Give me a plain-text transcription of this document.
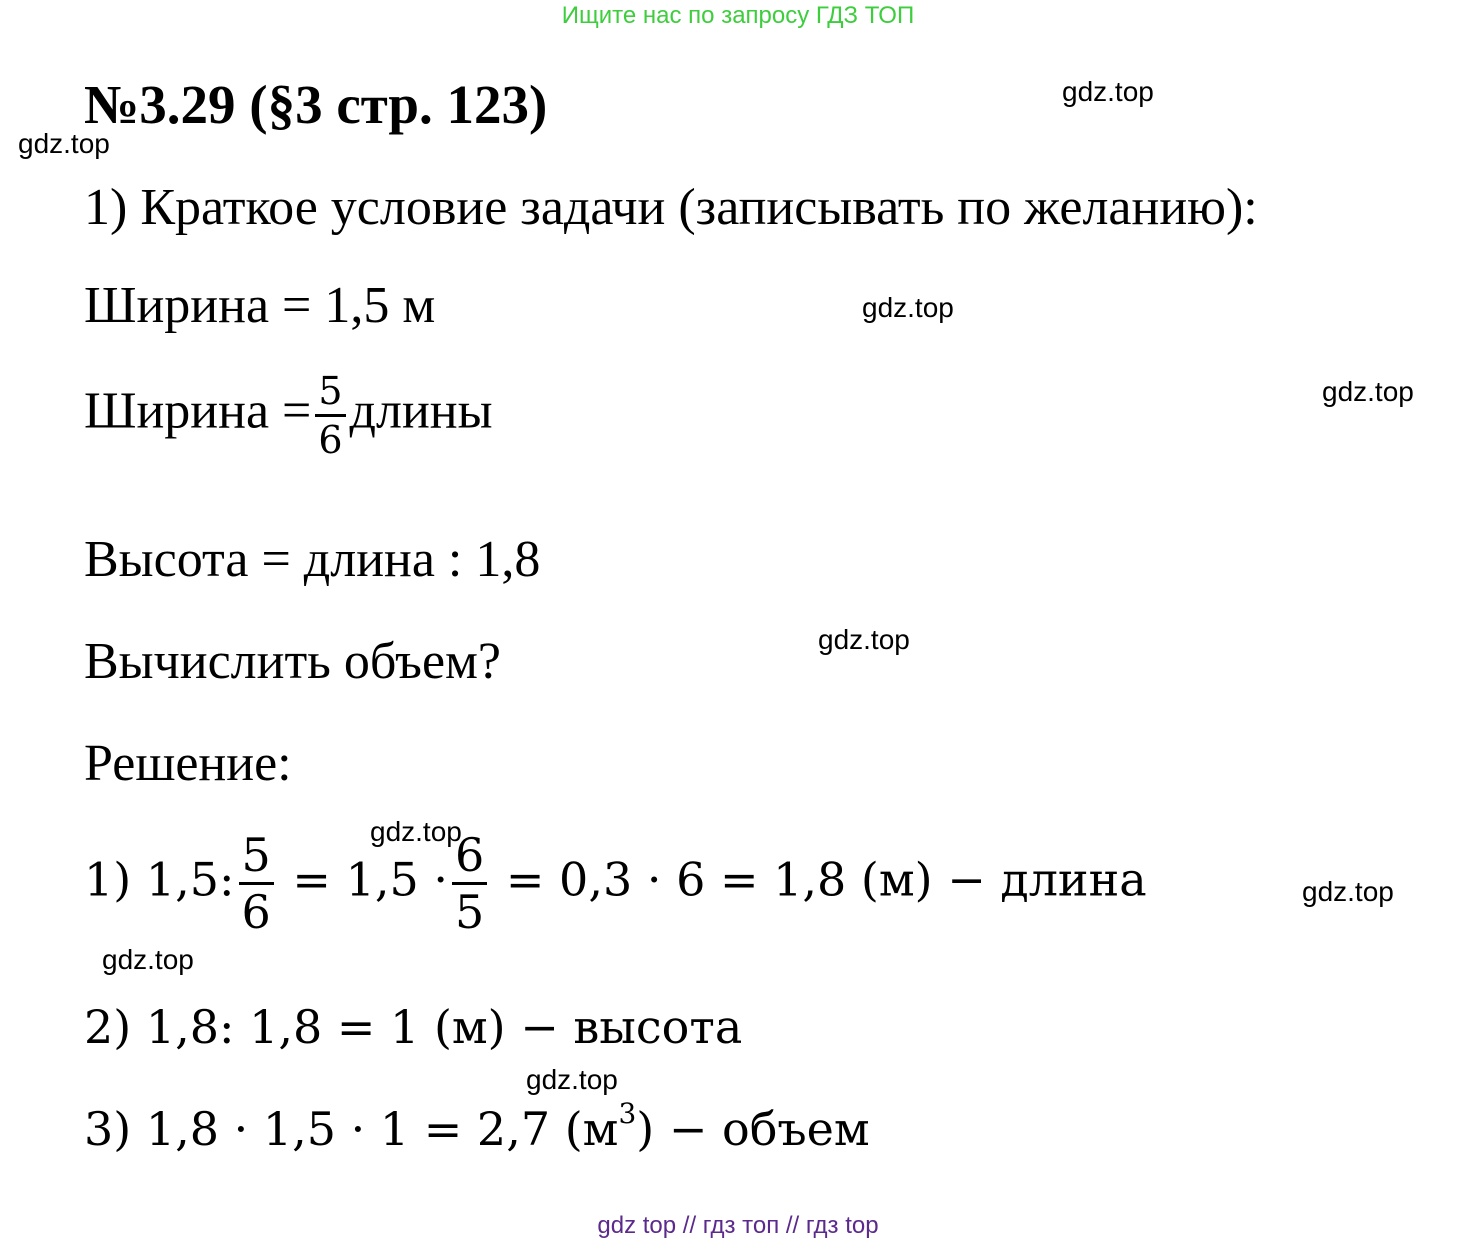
Ищите нас по запросу ГДЗ ТОП
№3.29 (§3 стр. 123)	gdz.top
gdz.top
gdz.top
gdz.top
gdz.top
gdz.top
gdz.top
gdz.top
gdz.top
1) Краткое условие задачи (записывать по желанию):
Ширина = 1,5 м
Ширина = $\frac{5}{6}$ длины
Высота = длина : 1,8
Вычислить объем?
Решение:
1) 1,5: $\frac{5}{6} = 1,5 \cdot \frac{6}{5} = 0,3 \cdot 6 = 1,8$ (м) − длина
2) 1,8: 1,8 = 1 (м) − высота
3) 1,8 · 1,5 · 1 = 2,7 $(м^3)$ − объем
gdz top // гдз топ // гдз top
